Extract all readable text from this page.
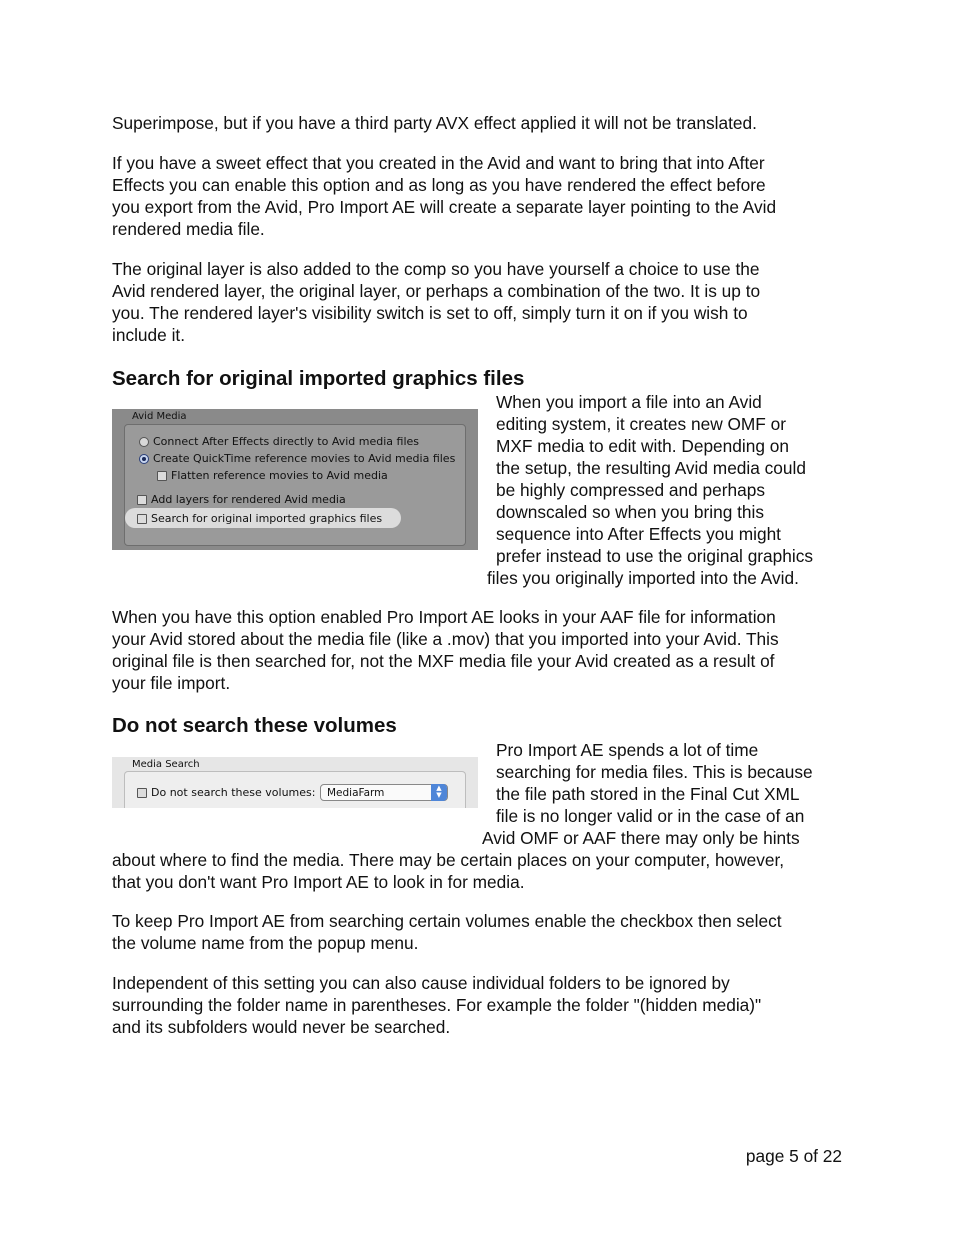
Superimpose, but if you have a third party AVX effect applied it will not be translated.

If you have a sweet effect that you created in the Avid and want to bring that into After
Effects you can enable this option and as long as you have rendered the effect before
you export from the Avid, Pro Import AE will create a separate layer pointing to the Avid
rendered media file.
The original layer is also added to the comp so you have yourself a choice to use the
Avid rendered layer, the original layer, or perhaps a combination of the two. It is up to
you. The rendered layer's visibility switch is set to off, simply turn it on if you wish to
include it.
Search for original imported graphics files
Avid Media
Connect After Effects directly to Avid media files
Create QuickTime reference movies to Avid media files
Flatten reference movies to Avid media
Add layers for rendered Avid media
Search for original imported graphics files
When you import a file into an Avid
editing system, it creates new OMF or
MXF media to edit with. Depending on
the setup, the resulting Avid media could
be highly compressed and perhaps
downscaled so when you bring this
sequence into After Effects you might
prefer instead to use the original graphics
files you originally imported into the Avid.
When you have this option enabled Pro Import AE looks in your AAF file for information
your Avid stored about the media file (like a .mov) that you imported into your Avid. This
original file is then searched for, not the MXF media file your Avid created as a result of
your file import.
Do not search these volumes
Media Search
Do not search these volumes:	MediaFarm	▲
▼
Pro Import AE spends a lot of time
searching for media files. This is because
the file path stored in the Final Cut XML
file is no longer valid or in the case of an
Avid OMF or AAF there may only be hints
about where to find the media. There may be certain places on your computer, however,
that you don't want Pro Import AE to look in for media.
To keep Pro Import AE from searching certain volumes enable the checkbox then select
the volume name from the popup menu.
Independent of this setting you can also cause individual folders to be ignored by
surrounding the folder name in parentheses. For example the folder "(hidden media)"
and its subfolders would never be searched.
page 5 of 22
